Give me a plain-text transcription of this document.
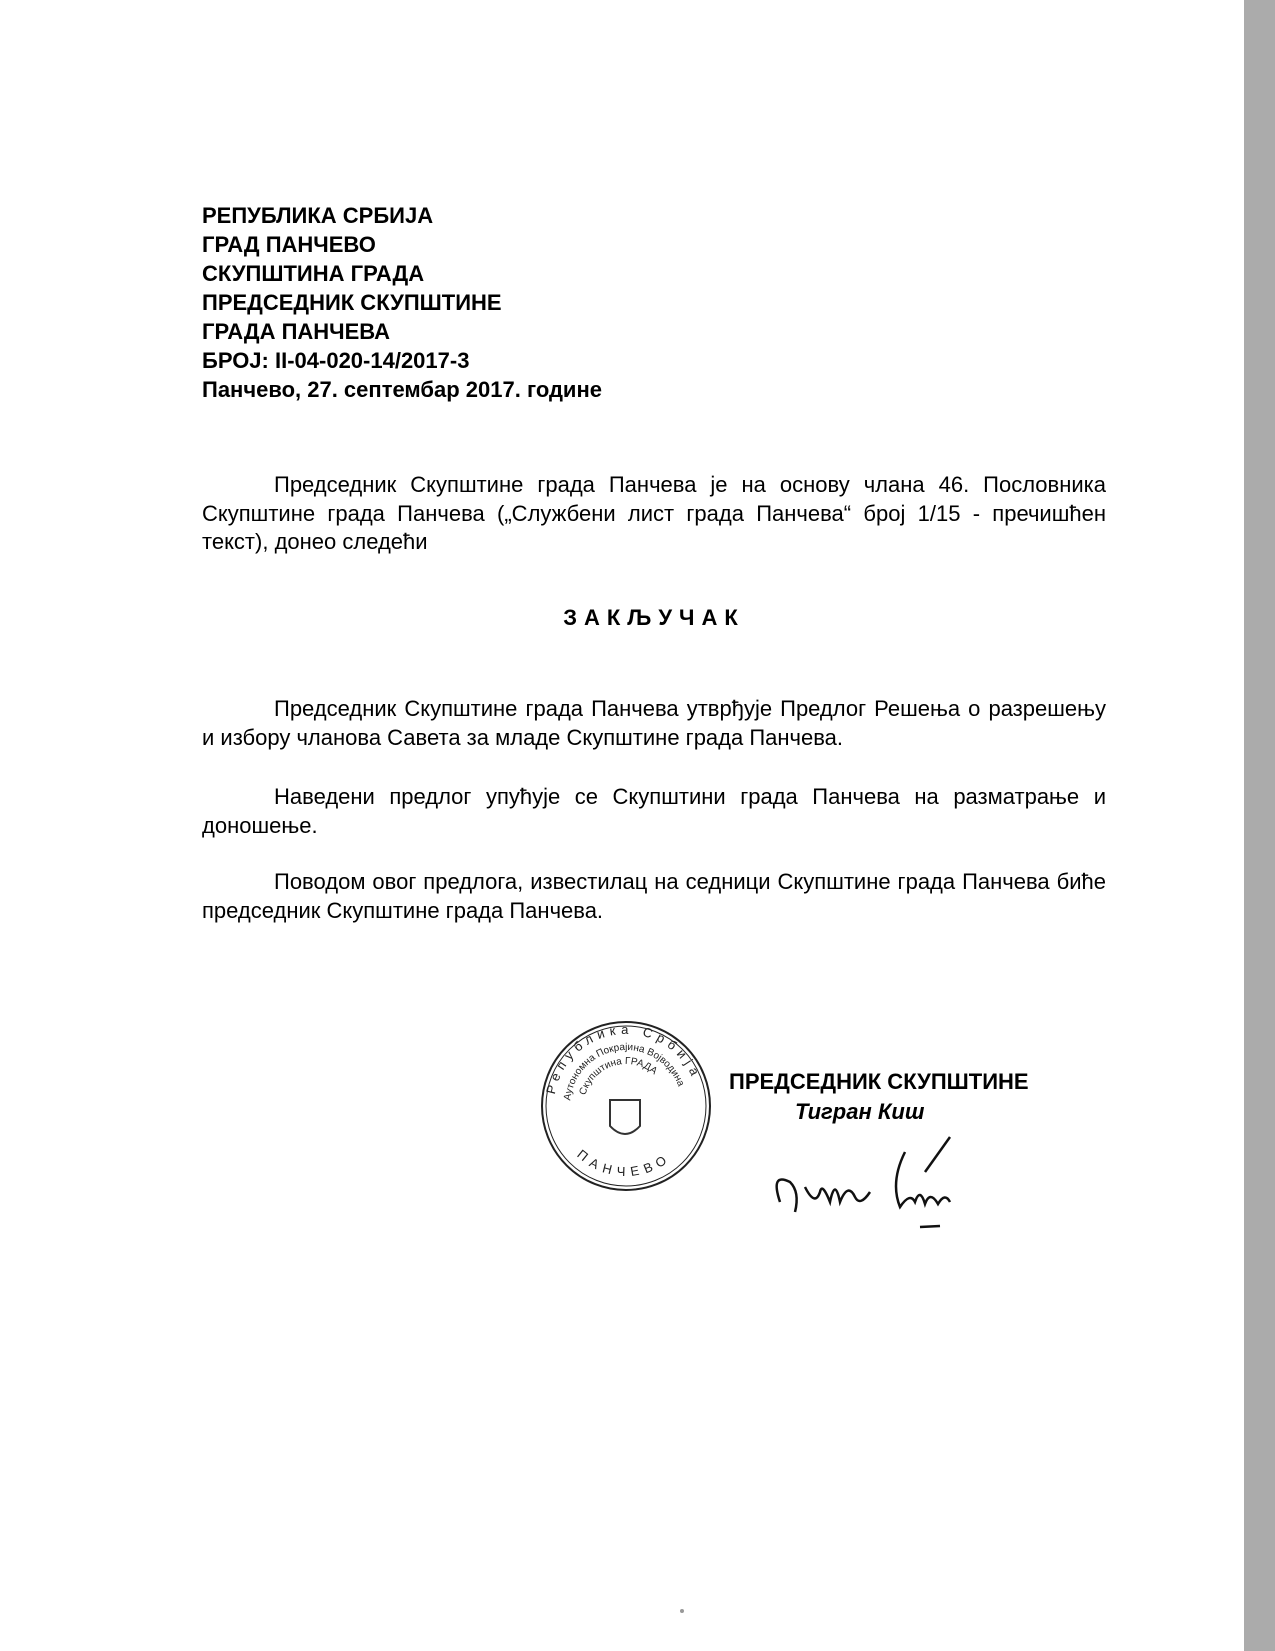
РЕПУБЛИКА СРБИЈА
ГРАД ПАНЧЕВО
СКУПШТИНА ГРАДА
ПРЕДСЕДНИК СКУПШТИНЕ
ГРАДА ПАНЧЕВА
БРОЈ: II-04-020-14/2017-3
Панчево, 27. септембар 2017. године
Председник Скупштине града Панчева је на основу члана 46. Пословника Скупштине града Панчева („Службени лист града Панчева“ број 1/15 - пречишћен текст), донео следећи
ЗАКЉУЧАК
Председник Скупштине града Панчева утврђује Предлог Решења о разрешењу и избору чланова Савета за младе Скупштине града Панчева.
Наведени предлог упућује се Скупштини града Панчева на разматрање и доношење.
Поводом овог предлога, известилац на седници Скупштине града Панчева биће председник Скупштине града Панчева.
Република Србија
Аутономна Покрајина Војводина
Скупштина ГРАДА
ПАНЧЕВО
ПРЕДСЕДНИК СКУПШТИНЕ
Тигран Киш
